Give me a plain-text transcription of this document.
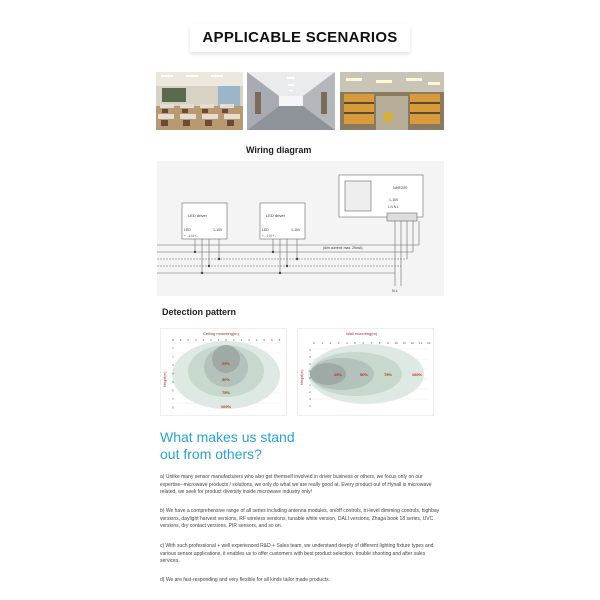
APPLICABLE SCENARIOS
Wiring diagram
LED driver	LED driver
LED	1-10V	LED	1-10V
+ - L N + -	+ - L N + -
NHE200
1-10V
L N N L
(dim current: max. 20mA)
N L
Detection pattern
Ceiling mounting(m)
Height(m)
8 6 5 4 3 2 1 0 1 2 3 4 5 6 8
1
2
3
4
5
6
7
8
25%
50%
75%
100%
Wall mounting(m)
Height(m)
0 1 2 3 4 5 6 7 8 9 10 11 12 13 14
4
3
2
1
0
1
2
3
4
25%	50%	75%	100%
What makes us stand
out from others?
a) Unlike many sensor manufacturers who also get themself involved in driver business or others, we focus only on our expertise--microwave products / solutions, we only do what we are really good at. Every product out of Hynall is microwave related, we seek for product diversity inside microwave industry only!
b) We have a comprehensive range of all series including antenna modules, on/off controls, tri-level dimming controls, highbay versions, daylight harvest versions, RF wireless versions, tunable white version, DALI versions, Zhaga book 18 series, UVC versions, dry contact versions, PIR sensors, and so on.
c) With such professional + well experienced R&D + Sales team, we understand deeply of different lighting fixture types and various sensor applications, it enables us to offer customers with best product selection, trouble shooting and after sales services.
d) We are fast-responding and very flexible for all kinds tailor made products.
